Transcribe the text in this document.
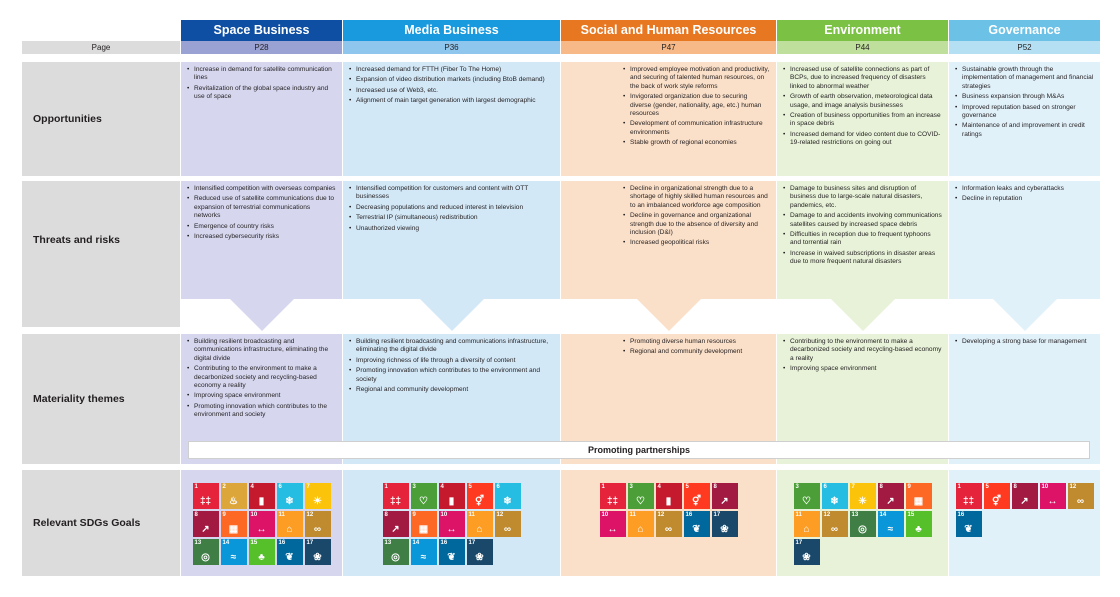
Page
Opportunities
Threats and risks
Materiality themes
Relevant SDGs Goals
Space Business
P28
• Increase in demand for satellite communication lines
• Revitalization of the global space industry and use of space
• Intensified competition with overseas companies
• Reduced use of satellite communications due to expansion of terrestrial communications networks
• Emergence of country risks
• Increased cybersecurity risks
• Building resilient broadcasting and communications infrastructure, eliminating the digital divide
• Contributing to the environment to make a decarbonized society and recycling-based economy a reality
• Improving space environment
• Promoting innovation which contributes to the environment and society
1
‡‡
2
♨
4
▮
6
❄
7
☀
8
↗
9
▦
10
↔
11
⌂
12
∞
13
◎
14
≈
15
♣
16
❦
17
❀
Media Business
P36
• Increased demand for FTTH (Fiber To The Home)
• Expansion of video distribution markets (including BtoB demand)
• Increased use of Web3, etc.
• Alignment of main target generation with largest demographic
• Intensified competition for customers and content with OTT businesses
• Decreasing populations and reduced interest in television
• Terrestrial IP (simultaneous) redistribution
• Unauthorized viewing
• Building resilient broadcasting and communications infrastructure, eliminating the digital divide
• Improving richness of life through a diversity of content
• Promoting innovation which contributes to the environment and society
• Regional and community development
1
‡‡
3
♡
4
▮
5
⚥
6
❄
8
↗
9
▦
10
↔
11
⌂
12
∞
13
◎
14
≈
16
❦
17
❀
Social and Human Resources
P47
• Improved employee motivation and productivity, and securing of talented human resources, on the back of work style reforms
• Invigorated organization due to securing diverse (gender, nationality, age, etc.) human resources
• Development of communication infrastructure environments
• Stable growth of regional economies
• Decline in organizational strength due to a shortage of highly skilled human resources and to an imbalanced workforce age composition
• Decline in governance and organizational strength due to the absence of diversity and inclusion (D&I)
• Increased geopolitical risks
• Promoting diverse human resources
• Regional and community development
1
‡‡
3
♡
4
▮
5
⚥
8
↗
10
↔
11
⌂
12
∞
16
❦
17
❀
Environment
P44
• Increased use of satellite connections as part of BCPs, due to increased frequency of disasters linked to abnormal weather
• Growth of earth observation, meteorological data usage, and image analysis businesses
• Creation of business opportunities from an increase in space debris
• Increased demand for video content due to COVID-19-related restrictions on going out
• Damage to business sites and disruption of business due to large-scale natural disasters, pandemics, etc.
• Damage to and accidents involving communications satellites caused by increased space debris
• Difficulties in reception due to frequent typhoons and torrential rain
• Increase in waived subscriptions in disaster areas due to more frequent natural disasters
• Contributing to the environment to make a decarbonized society and recycling-based economy a reality
• Improving space environment
3
♡
6
❄
7
☀
8
↗
9
▦
11
⌂
12
∞
13
◎
14
≈
15
♣
17
❀
Governance
P52
• Sustainable growth through the implementation of management and financial strategies
• Business expansion through M&As
• Improved reputation based on stronger governance
• Maintenance of and improvement in credit ratings
• Information leaks and cyberattacks
• Decline in reputation
• Developing a strong base for management
1
‡‡
5
⚥
8
↗
10
↔
12
∞
16
❦
Promoting partnerships
